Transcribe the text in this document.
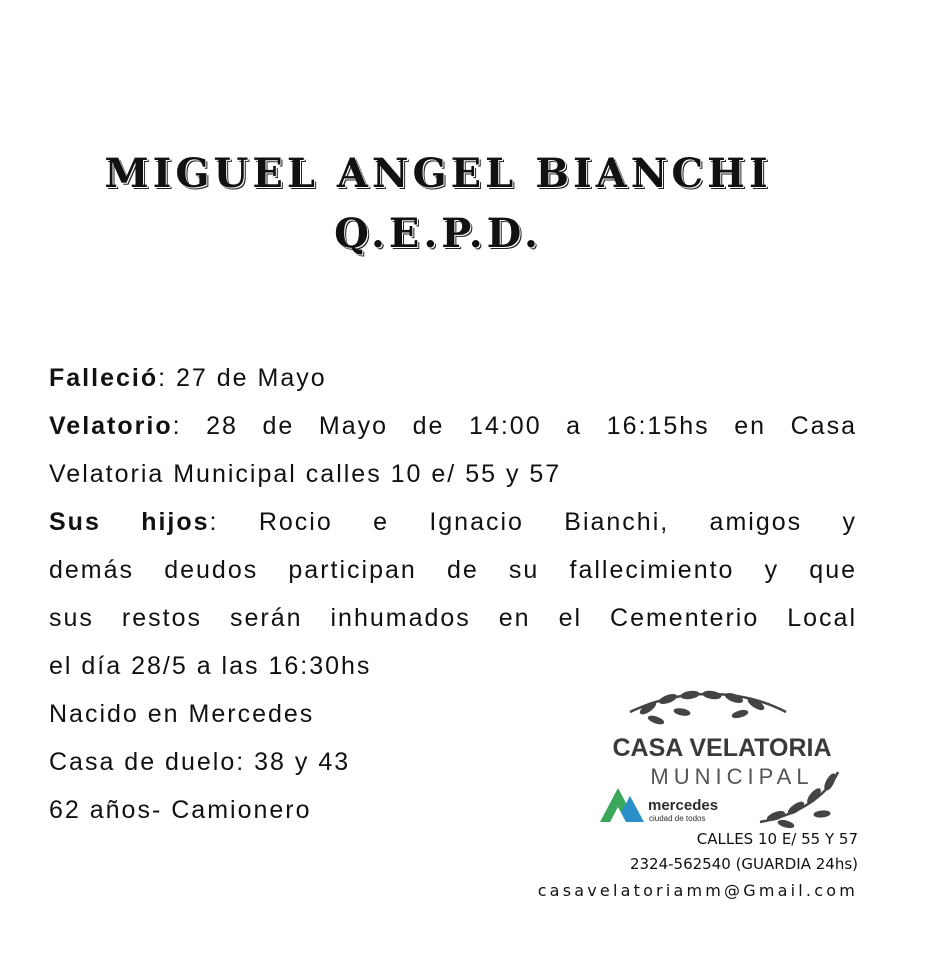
MIGUEL ANGEL BIANCHI
Q.E.P.D.
Falleció: 27 de Mayo
Velatorio: 28 de Mayo de 14:00 a 16:15hs en Casa
Velatoria Municipal calles 10 e/ 55 y 57
Sus hijos: Rocio e Ignacio Bianchi, amigos y
demás deudos participan de su fallecimiento y que
sus restos serán inhumados en el Cementerio Local
el día 28/5 a las 16:30hs
Nacido en Mercedes
Casa de duelo: 38 y 43
62 años- Camionero
CASA VELATORIA
MUNICIPAL
mercedes
ciudad de todos
CALLES 10 E/ 55 Y 57
2324-562540 (GUARDIA 24hs)
casavelatoriamm@Gmail.com
